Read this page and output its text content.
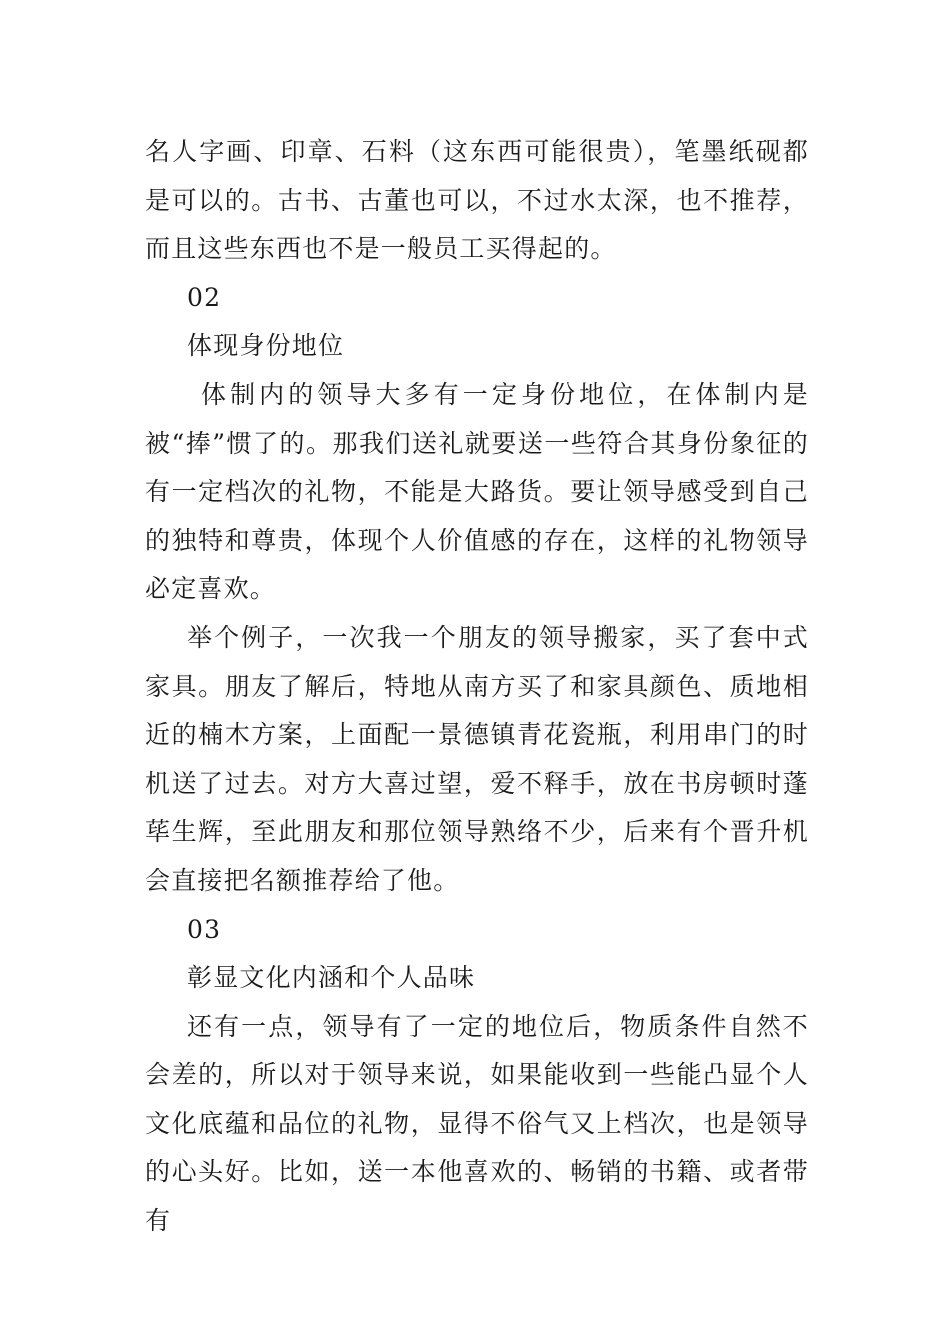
名人字画、印章、石料（这东西可能很贵），笔墨纸砚都是可以的。古书、古董也可以，不过水太深，也不推荐，而且这些东西也不是一般员工买得起的。

02

体现身份地位

体制内的领导大多有一定身份地位，在体制内是被“捧”惯了的。那我们送礼就要送一些符合其身份象征的有一定档次的礼物，不能是大路货。要让领导感受到自己的独特和尊贵，体现个人价值感的存在，这样的礼物领导必定喜欢。

举个例子，一次我一个朋友的领导搬家，买了套中式家具。朋友了解后，特地从南方买了和家具颜色、质地相近的楠木方案，上面配一景德镇青花瓷瓶，利用串门的时机送了过去。对方大喜过望，爱不释手，放在书房顿时蓬荜生辉，至此朋友和那位领导熟络不少，后来有个晋升机会直接把名额推荐给了他。

03

彰显文化内涵和个人品味

还有一点，领导有了一定的地位后，物质条件自然不会差的，所以对于领导来说，如果能收到一些能凸显个人文化底蕴和品位的礼物，显得不俗气又上档次，也是领导的心头好。比如，送一本他喜欢的、畅销的书籍、或者带有
